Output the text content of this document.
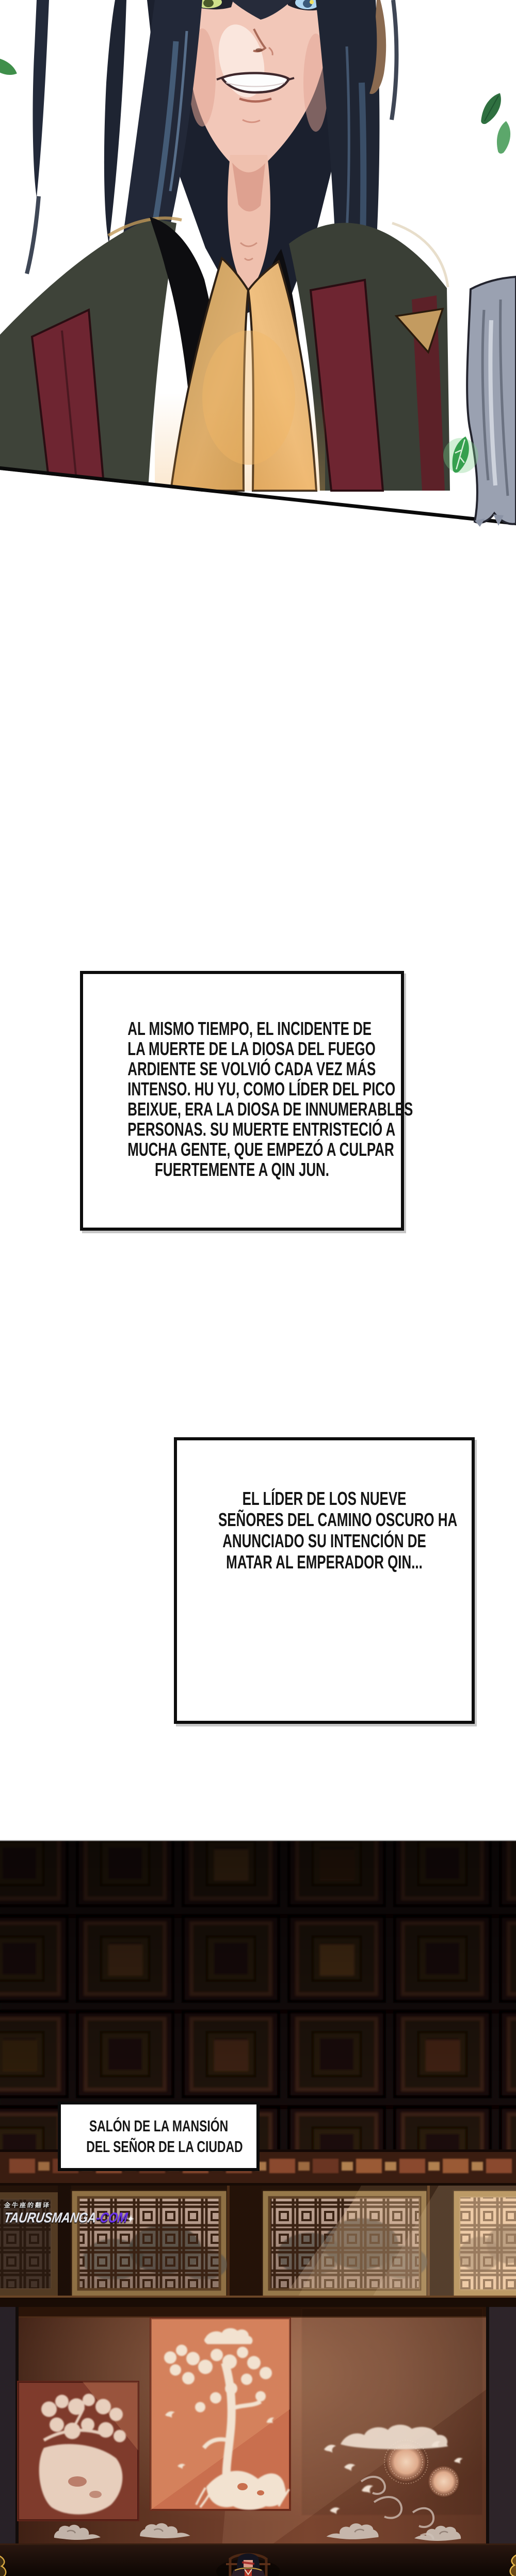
AL MISMO TIEMPO, EL INCIDENTE DE
LA MUERTE DE LA DIOSA DEL FUEGO
ARDIENTE SE VOLVIÓ CADA VEZ MÁS
INTENSO. HU YU, COMO LÍDER DEL PICO
BEIXUE, ERA LA DIOSA DE INNUMERABLES
PERSONAS. SU MUERTE ENTRISTECIÓ A
MUCHA GENTE, QUE EMPEZÓ A CULPAR
FUERTEMENTE A QIN JUN.
EL LÍDER DE LOS NUEVE
SEÑORES DEL CAMINO OSCURO HA
ANUNCIADO SU INTENCIÓN DE
MATAR AL EMPERADOR QIN...
SALÓN DE LA MANSIÓN
DEL SEÑOR DE LA CIUDAD
金牛座的翻译
TAURUSMANGA-COM✦
